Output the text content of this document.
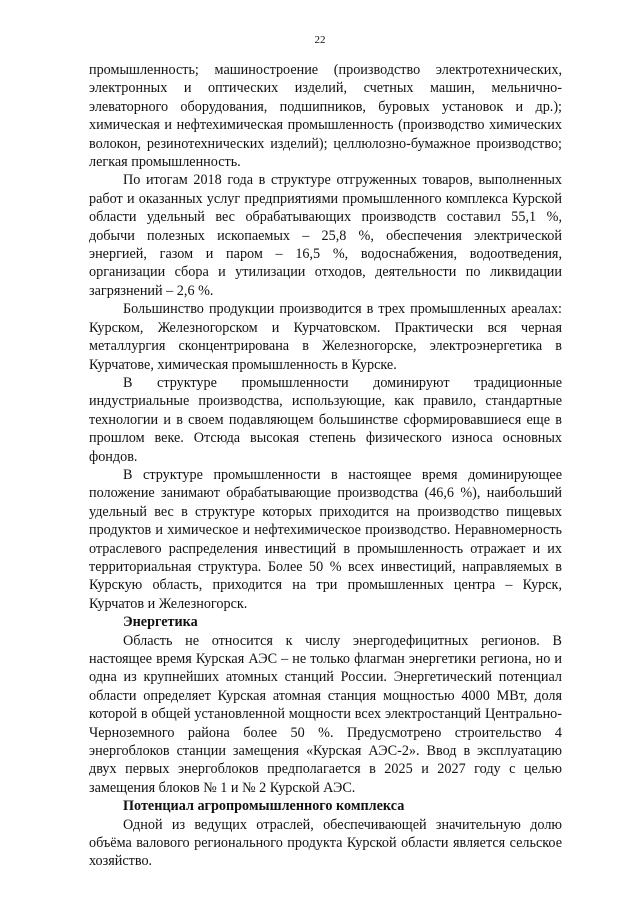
22

промышленность; машиностроение (производство электротехнических, электронных и оптических изделий, счетных машин, мельнично-элеваторного оборудования, подшипников, буровых установок и др.); химическая и нефтехимическая промышленность (производство химических волокон, резинотехнических изделий); целлюлозно-бумажное производство; легкая промышленность.

По итогам 2018 года в структуре отгруженных товаров, выполненных работ и оказанных услуг предприятиями промышленного комплекса Курской области удельный вес обрабатывающих производств составил 55,1 %, добычи полезных ископаемых – 25,8 %, обеспечения электрической энергией, газом и паром – 16,5 %, водоснабжения, водоотведения, организации сбора и утилизации отходов, деятельности по ликвидации загрязнений – 2,6 %.

Большинство продукции производится в трех промышленных ареалах: Курском, Железногорском и Курчатовском. Практически вся черная металлургия сконцентрирована в Железногорске, электроэнергетика в Курчатове, химическая промышленность в Курске.

В структуре промышленности доминируют традиционные индустриальные производства, использующие, как правило, стандартные технологии и в своем подавляющем большинстве сформировавшиеся еще в прошлом веке. Отсюда высокая степень физического износа основных фондов.

В структуре промышленности в настоящее время доминирующее положение занимают обрабатывающие производства (46,6 %), наибольший удельный вес в структуре которых приходится на производство пищевых продуктов и химическое и нефтехимическое производство. Неравномерность отраслевого распределения инвестиций в промышленность отражает и их территориальная структура. Более 50 % всех инвестиций, направляемых в Курскую область, приходится на три промышленных центра – Курск, Курчатов и Железногорск.

Энергетика

Область не относится к числу энергодефицитных регионов. В настоящее время Курская АЭС – не только флагман энергетики региона, но и одна из крупнейших атомных станций России. Энергетический потенциал области определяет Курская атомная станция мощностью 4000 МВт, доля которой в общей установленной мощности всех электростанций Центрально-Черноземного района более 50 %. Предусмотрено строительство 4 энергоблоков станции замещения «Курская АЭС-2». Ввод в эксплуатацию двух первых энергоблоков предполагается в 2025 и 2027 году с целью замещения блоков № 1 и № 2 Курской АЭС.

Потенциал агропромышленного комплекса

Одной из ведущих отраслей, обеспечивающей значительную долю объёма валового регионального продукта Курской области является сельское хозяйство.
